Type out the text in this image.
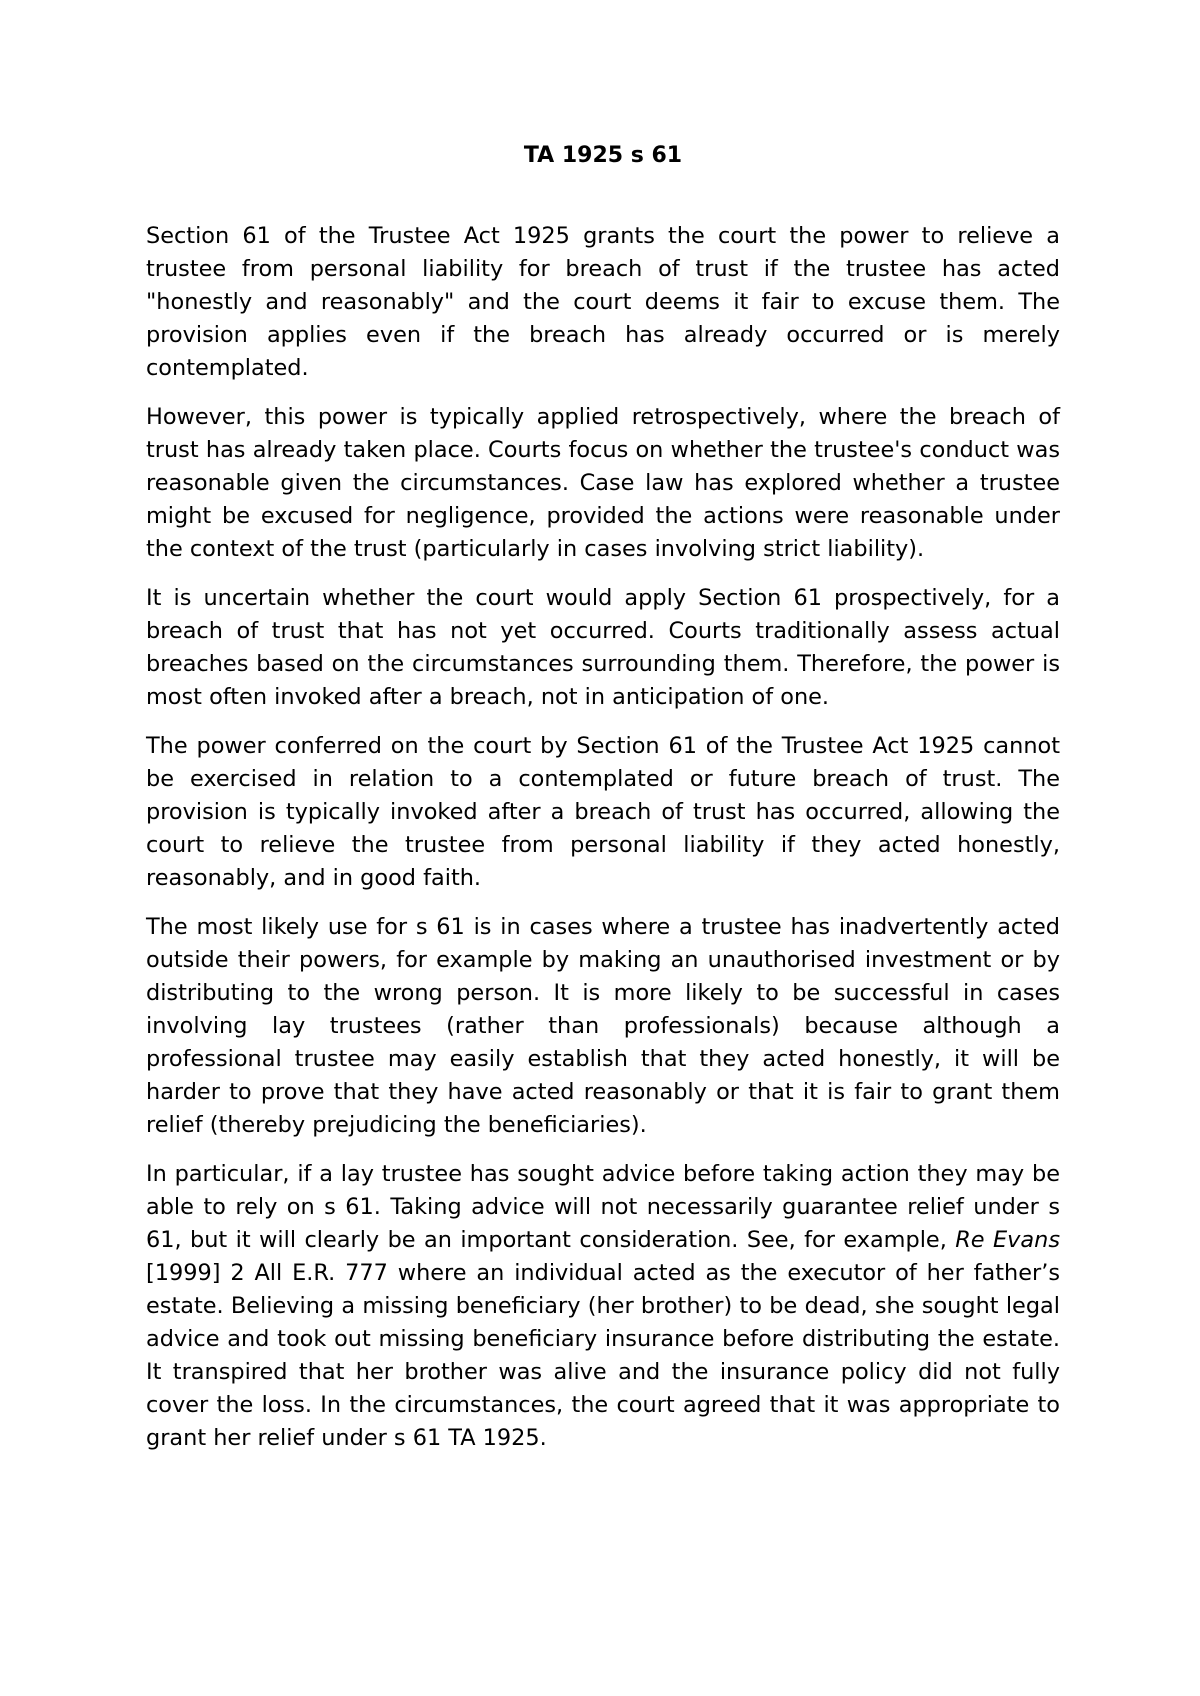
TA 1925 s 61

Section 61 of the Trustee Act 1925 grants the court the power to relieve a trustee from personal liability for breach of trust if the trustee has acted "honestly and reasonably" and the court deems it fair to excuse them. The provision applies even if the breach has already occurred or is merely contemplated.

However, this power is typically applied retrospectively, where the breach of trust has already taken place. Courts focus on whether the trustee's conduct was reasonable given the circumstances. Case law has explored whether a trustee might be excused for negligence, provided the actions were reasonable under the context of the trust (particularly in cases involving strict liability).

It is uncertain whether the court would apply Section 61 prospectively, for a breach of trust that has not yet occurred. Courts traditionally assess actual breaches based on the circumstances surrounding them. Therefore, the power is most often invoked after a breach, not in anticipation of one.

The power conferred on the court by Section 61 of the Trustee Act 1925 cannot be exercised in relation to a contemplated or future breach of trust. The provision is typically invoked after a breach of trust has occurred, allowing the court to relieve the trustee from personal liability if they acted honestly, reasonably, and in good faith.

The most likely use for s 61 is in cases where a trustee has inadvertently acted outside their powers, for example by making an unauthorised investment or by distributing to the wrong person. It is more likely to be successful in cases involving lay trustees (rather than professionals) because although a professional trustee may easily establish that they acted honestly, it will be harder to prove that they have acted reasonably or that it is fair to grant them relief (thereby prejudicing the beneficiaries).

In particular, if a lay trustee has sought advice before taking action they may be able to rely on s 61. Taking advice will not necessarily guarantee relief under s 61, but it will clearly be an important consideration. See, for example, Re Evans [1999] 2 All E.R. 777 where an individual acted as the executor of her father’s estate. Believing a missing beneficiary (her brother) to be dead, she sought legal advice and took out missing beneficiary insurance before distributing the estate. It transpired that her brother was alive and the insurance policy did not fully cover the loss. In the circumstances, the court agreed that it was appropriate to grant her relief under s 61 TA 1925.
